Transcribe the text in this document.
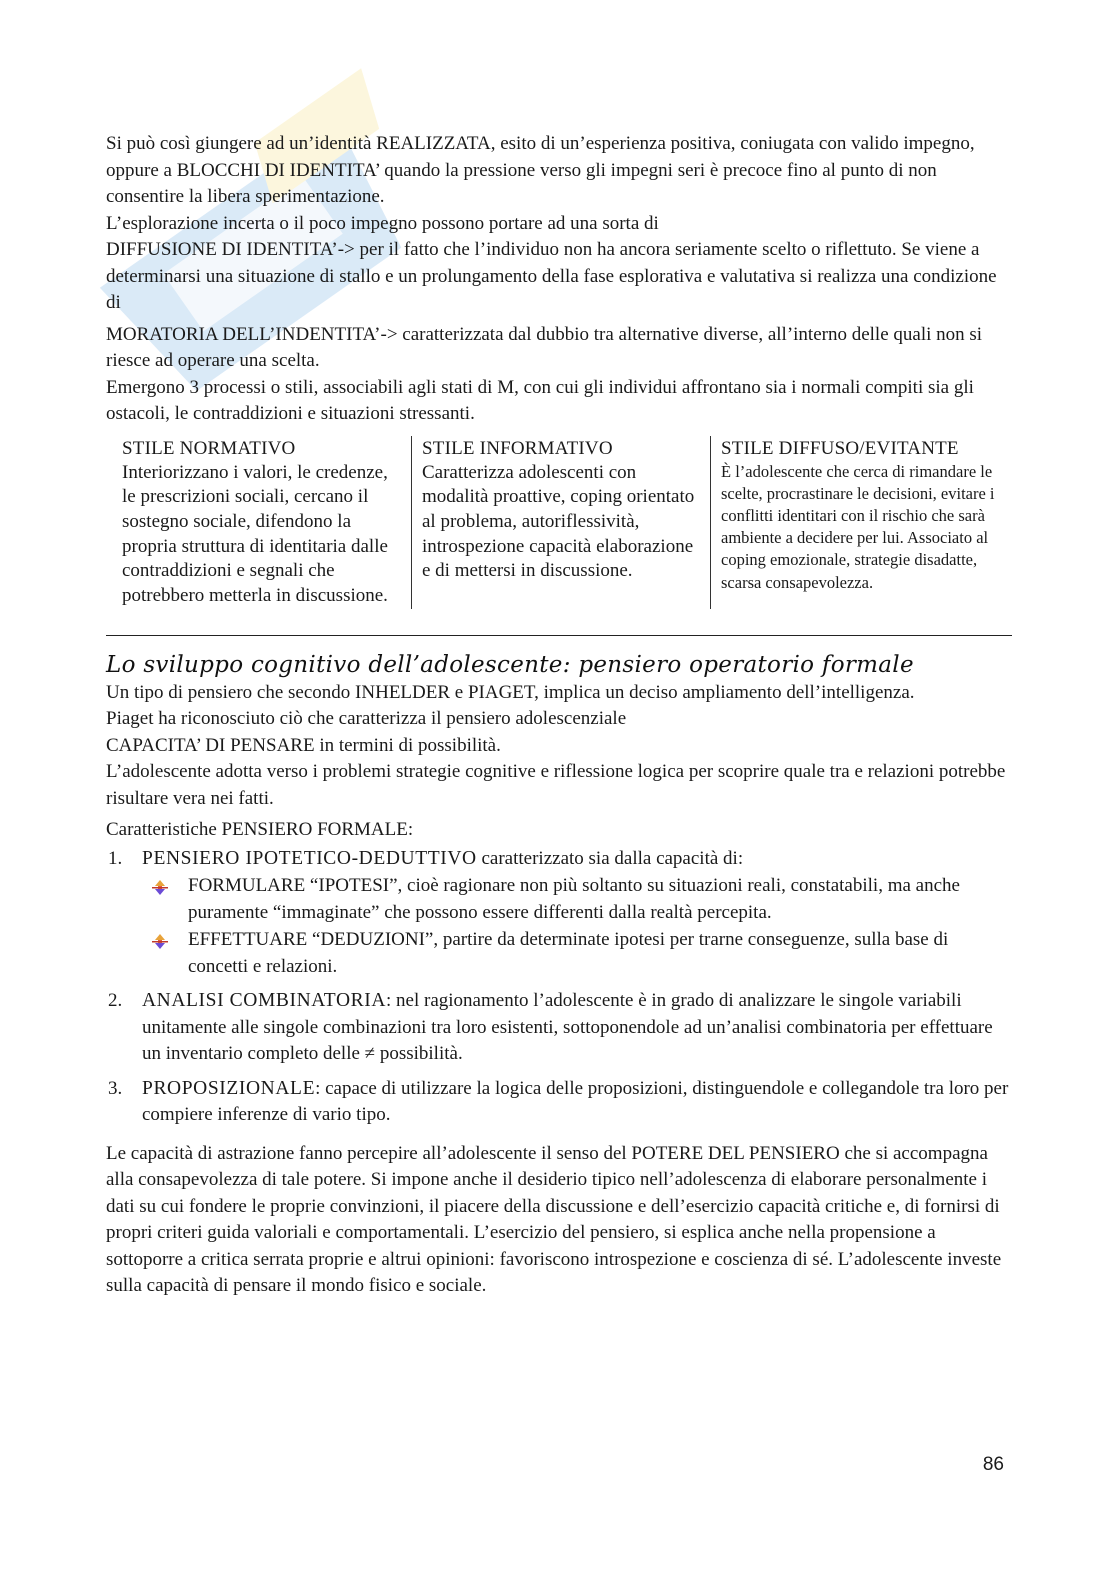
Si può così giungere ad un’identità REALIZZATA, esito di un’esperienza positiva, coniugata con valido impegno, oppure a BLOCCHI DI IDENTITA’ quando la pressione verso gli impegni seri è precoce fino al punto di non consentire la libera sperimentazione.

L’esplorazione incerta o il poco impegno possono portare ad una sorta di

DIFFUSIONE DI IDENTITA’-> per il fatto che l’individuo non ha ancora seriamente scelto o riflettuto. Se viene a determinarsi una situazione di stallo e un prolungamento della fase esplorativa e valutativa si realizza una condizione di

MORATORIA DELL’INDENTITA’-> caratterizzata dal dubbio tra alternative diverse, all’interno delle quali non si riesce ad operare una scelta.

Emergono 3 processi o stili, associabili agli stati di M, con cui gli individui affrontano sia i normali compiti sia gli ostacoli, le contraddizioni e situazioni stressanti.

STILE NORMATIVO
Interiorizzano i valori, le credenze, le prescrizioni sociali, cercano il sostegno sociale, difendono la propria struttura di identitaria dalle contraddizioni e segnali che potrebbero metterla in discussione.
STILE INFORMATIVO
Caratterizza adolescenti con modalità proattive, coping orientato al problema, autoriflessività, introspezione capacità elaborazione e di mettersi in discussione.
STILE DIFFUSO/EVITANTE
È l’adolescente che cerca di rimandare le scelte, procrastinare le decisioni, evitare i conflitti identitari con il rischio che sarà ambiente a decidere per lui. Associato al coping emozionale, strategie disadatte, scarsa consapevolezza.
Lo sviluppo cognitivo dell’adolescente: pensiero operatorio formale

Un tipo di pensiero che secondo INHELDER e PIAGET, implica un deciso ampliamento dell’intelligenza.

Piaget ha riconosciuto ciò che caratterizza il pensiero adolescenziale

CAPACITA’ DI PENSARE in termini di possibilità.

L’adolescente adotta verso i problemi strategie cognitive e riflessione logica per scoprire quale tra e relazioni potrebbe risultare vera nei fatti.

Caratteristiche PENSIERO FORMALE:

1.	PENSIERO IPOTETICO-DEDUTTIVO caratterizzato sia dalla capacità di:
FORMULARE “IPOTESI”, cioè ragionare non più soltanto su situazioni reali, constatabili, ma anche puramente “immaginate” che possono essere differenti dalla realtà percepita.
EFFETTUARE “DEDUZIONI”, partire da determinate ipotesi per trarne conseguenze, sulla base di concetti e relazioni.
2.	ANALISI COMBINATORIA: nel ragionamento l’adolescente è in grado di analizzare le singole variabili unitamente alle singole combinazioni tra loro esistenti, sottoponendole ad un’analisi combinatoria per effettuare un inventario completo delle ≠ possibilità.
3.	PROPOSIZIONALE: capace di utilizzare la logica delle proposizioni, distinguendole e collegandole tra loro per compiere inferenze di vario tipo.

Le capacità di astrazione fanno percepire all’adolescente il senso del POTERE DEL PENSIERO che si accompagna alla consapevolezza di tale potere. Si impone anche il desiderio tipico nell’adolescenza di elaborare personalmente i dati su cui fondere le proprie convinzioni, il piacere della discussione e dell’esercizio capacità critiche e, di fornirsi di propri criteri guida valoriali e comportamentali. L’esercizio del pensiero, si esplica anche nella propensione a sottoporre a critica serrata proprie e altrui opinioni: favoriscono introspezione e coscienza di sé. L’adolescente investe sulla capacità di pensare il mondo fisico e sociale.

86
